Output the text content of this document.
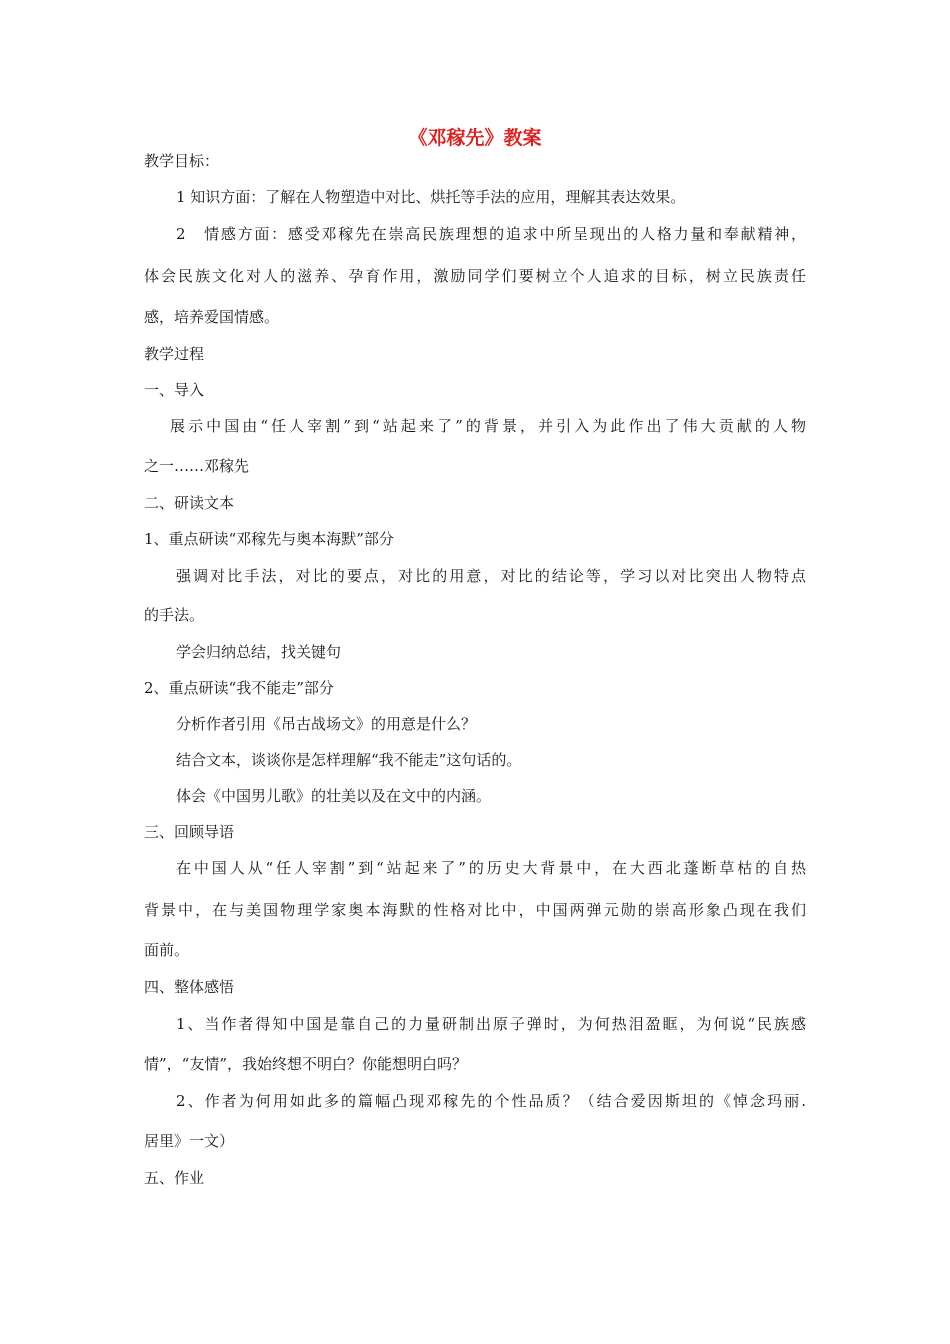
《邓稼先》教案
教学目标：
1 知识方面：了解在人物塑造中对比、烘托等手法的应用，理解其表达效果。
2　情感方面：感受邓稼先在崇高民族理想的追求中所呈现出的人格力量和奉献精神，
体会民族文化对人的滋养、孕育作用，激励同学们要树立个人追求的目标，树立民族责任
感，培养爱国情感。
教学过程
一、导入
展示中国由“任人宰割”到“站起来了”的背景，并引入为此作出了伟大贡献的人物
之一……邓稼先
二、研读文本
1、重点研读“邓稼先与奥本海默”部分
强调对比手法，对比的要点，对比的用意，对比的结论等，学习以对比突出人物特点
的手法。
学会归纳总结，找关键句
2、重点研读“我不能走”部分
分析作者引用《吊古战场文》的用意是什么？
结合文本，谈谈你是怎样理解“我不能走”这句话的。
体会《中国男儿歌》的壮美以及在文中的内涵。
三、回顾导语
在中国人从“任人宰割”到“站起来了”的历史大背景中，在大西北蓬断草枯的自热
背景中，在与美国物理学家奥本海默的性格对比中，中国两弹元勋的崇高形象凸现在我们
面前。
四、整体感悟
1、当作者得知中国是靠自己的力量研制出原子弹时，为何热泪盈眶，为何说“民族感
情”，“友情”，我始终想不明白？你能想明白吗？
2、作者为何用如此多的篇幅凸现邓稼先的个性品质？（结合爱因斯坦的《悼念玛丽.
居里》一文）
五、作业
